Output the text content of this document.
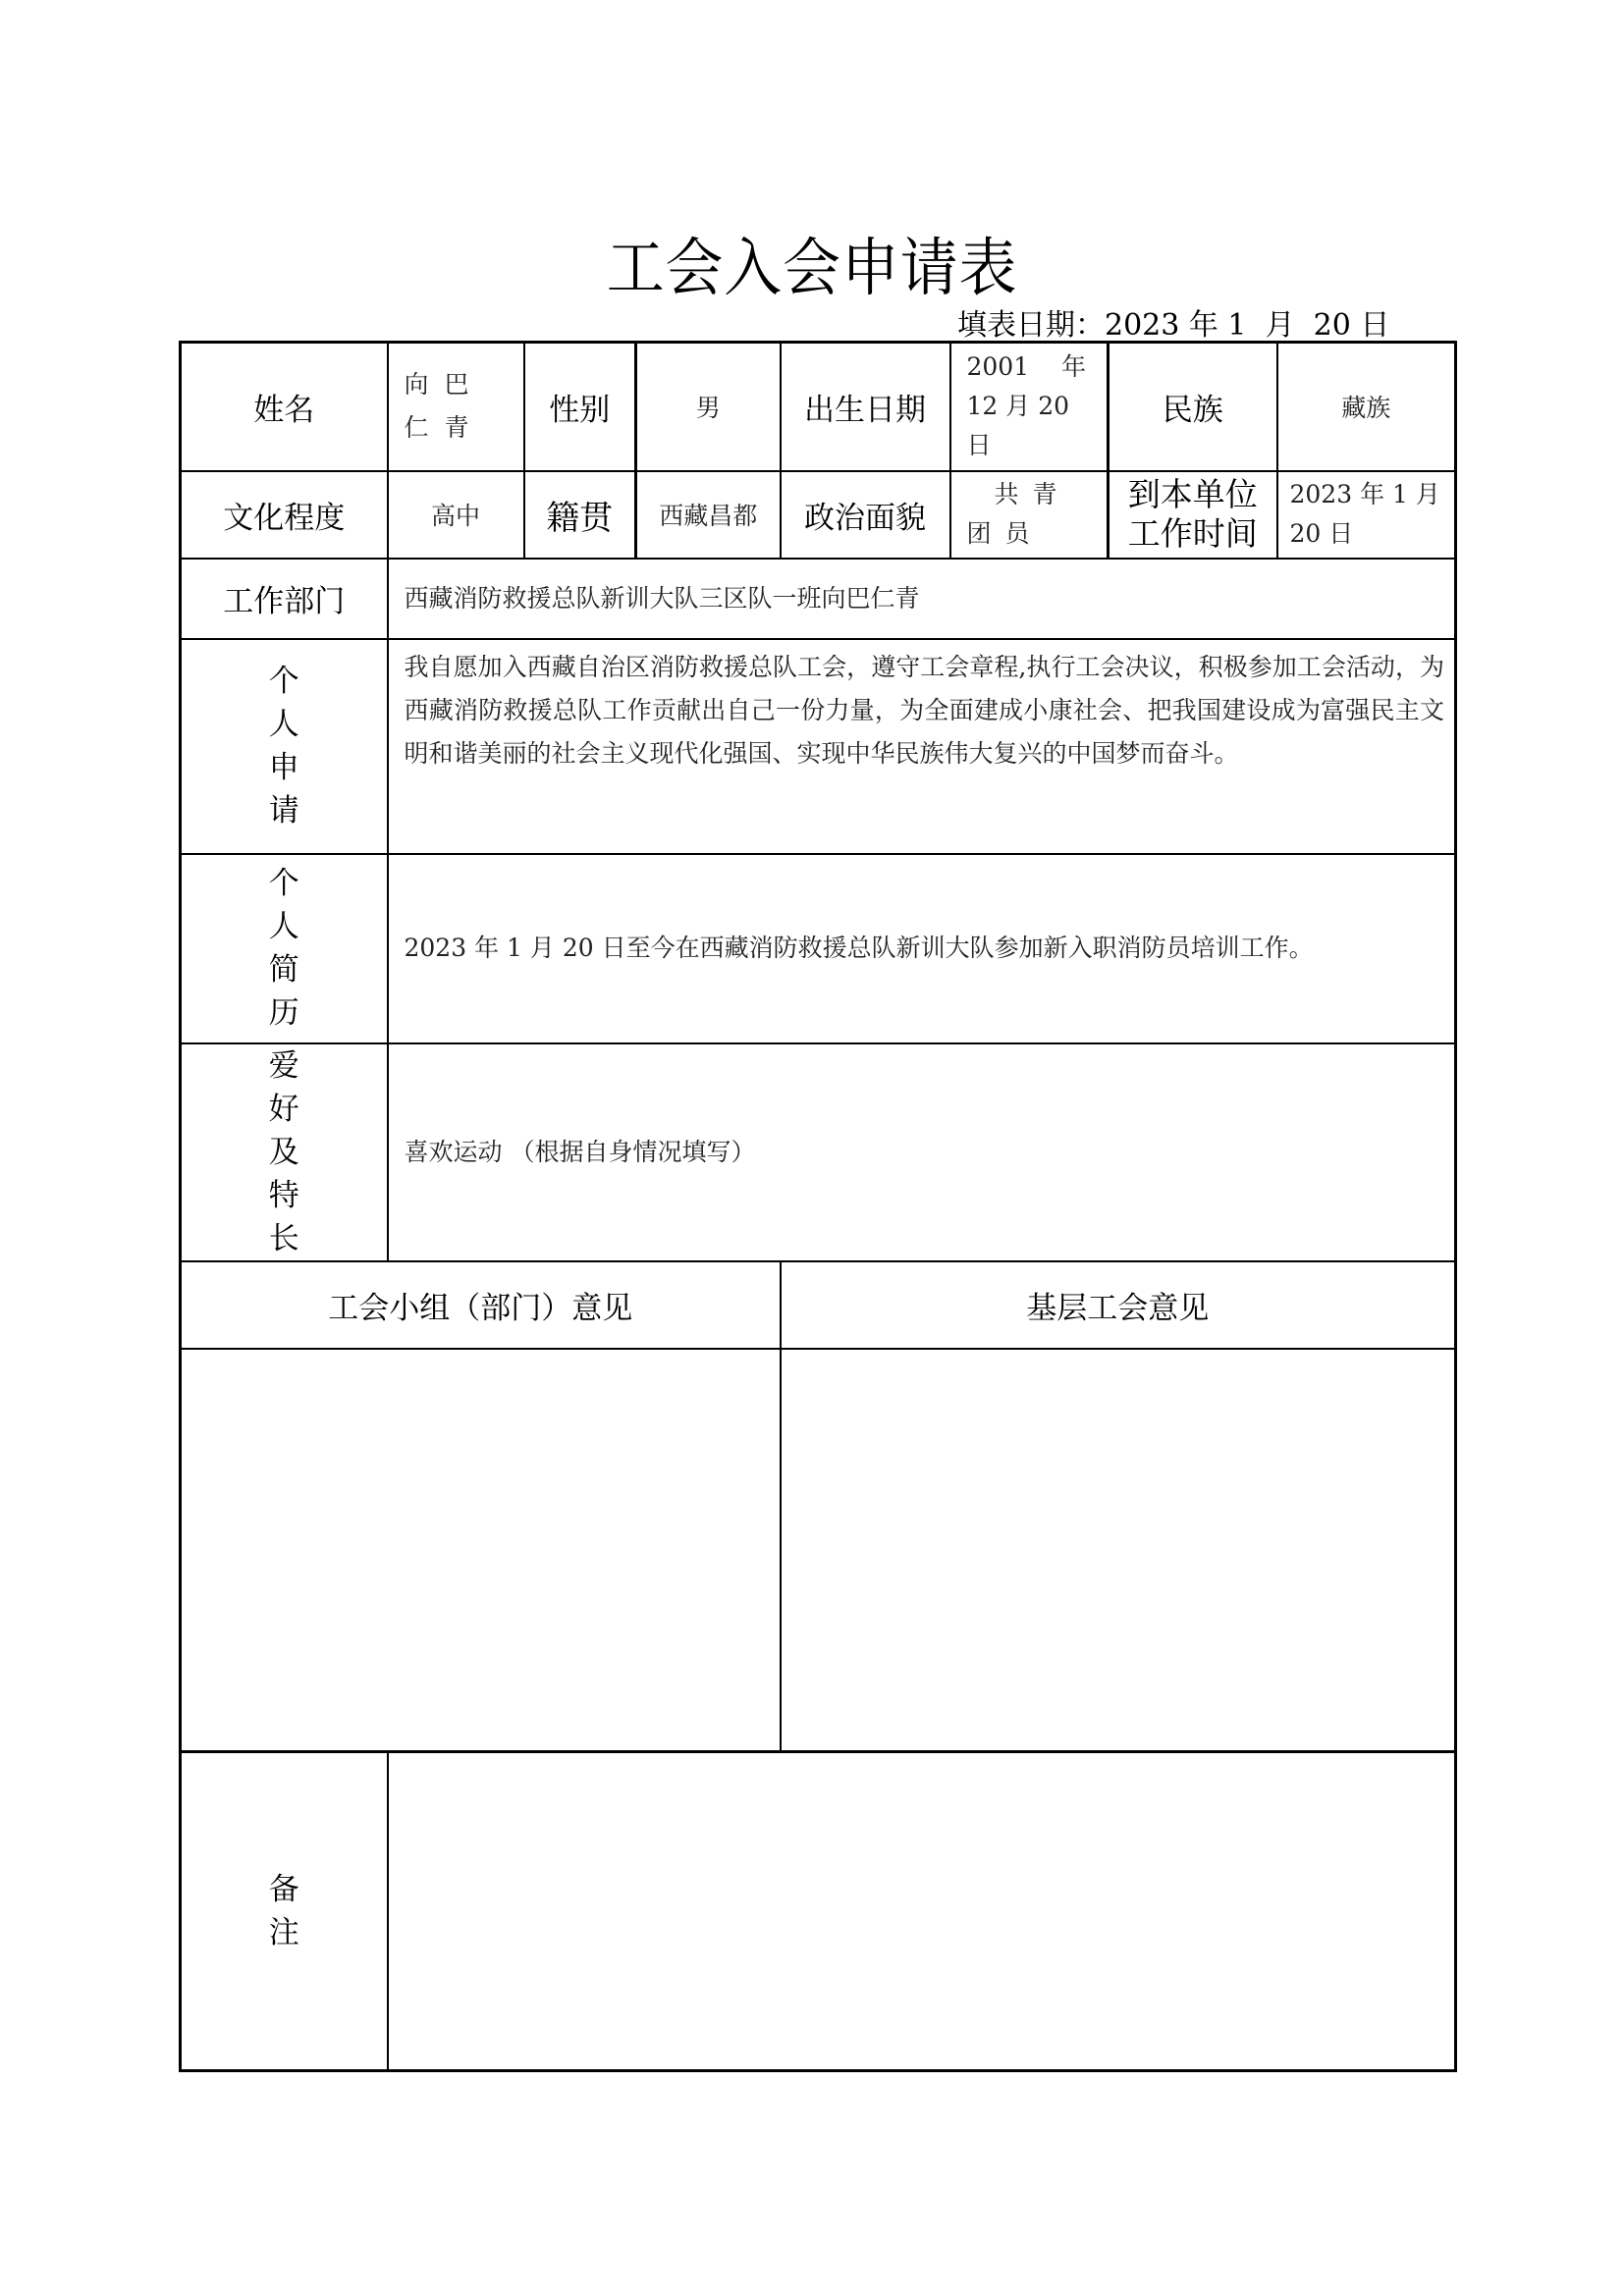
工会入会申请表
填表日期：2023 年 1  月  20 日
姓名	向 巴 仁 青	性别	男	出生日期	2001　 年 12 月 20 日	民族	藏族
文化程度	高中	籍贯	西藏昌都	政治面貌	　共 青 团 员	到本单位工作时间	2023 年 1 月 20 日
工作部门	西藏消防救援总队新训大队三区队一班向巴仁青						

个
人
申
请	我自愿加入西藏自治区消防救援总队工会，遵守工会章程,执行工会决议，积极参加工会活动，为西藏消防救援总队工作贡献出自己一份力量，为全面建成小康社会、把我国建设成为富强民主文明和谐美丽的社会主义现代化强国、实现中华民族伟大复兴的中国梦而奋斗。						

个
人
简
历	2023 年 1 月 20 日至今在西藏消防救援总队新训大队参加新入职消防员培训工作。						

爱
好
及
特
长	喜欢运动 （根据自身情况填写）						
工会小组（部门）意见				基层工会意见			

备
注							
